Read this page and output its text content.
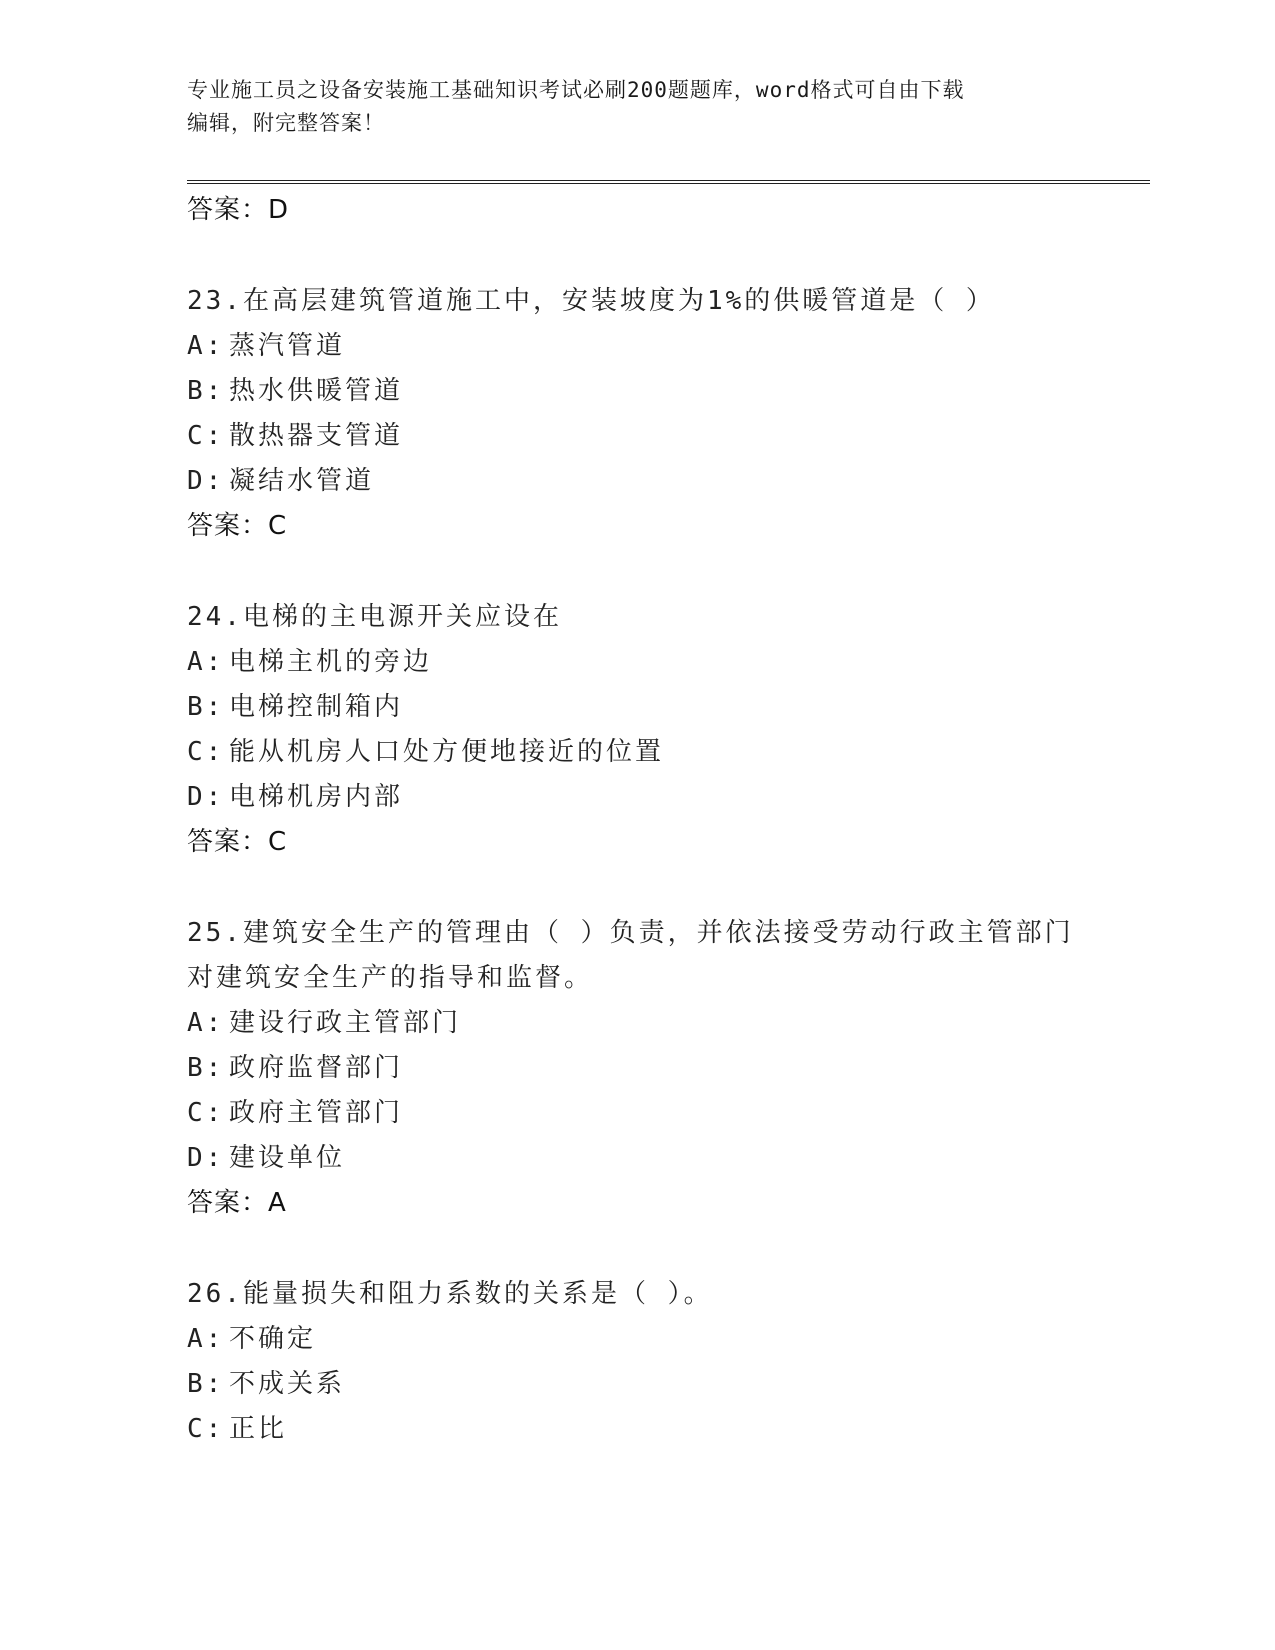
专业施工员之设备安装施工基础知识考试必刷200题题库，word格式可自由下载
编辑，附完整答案！
答案：D
23.在高层建筑管道施工中，安装坡度为1%的供暖管道是（ ）
A: 蒸汽管道
B: 热水供暖管道
C: 散热器支管道
D: 凝结水管道
答案：C
24.电梯的主电源开关应设在
A: 电梯主机的旁边
B: 电梯控制箱内
C: 能从机房人口处方便地接近的位置
D: 电梯机房内部
答案：C
25.建筑安全生产的管理由（ ）负责，并依法接受劳动行政主管部门
对建筑安全生产的指导和监督。
A: 建设行政主管部门
B: 政府监督部门
C: 政府主管部门
D: 建设单位
答案：A
26.能量损失和阻力系数的关系是（ ）。
A: 不确定
B: 不成关系
C: 正比
